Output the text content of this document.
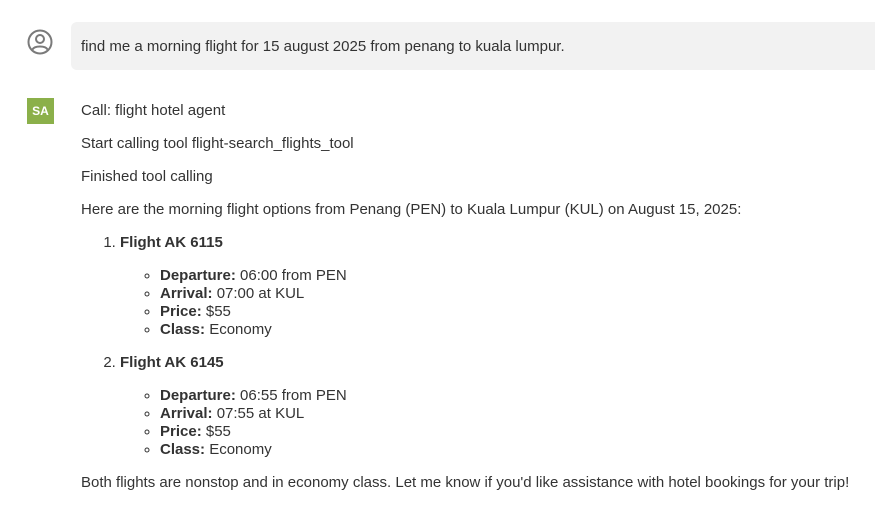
find me a morning flight for 15 august 2025 from penang to kuala lumpur.
SA	Call: flight hotel agent

Start calling tool flight-search_flights_tool

Finished tool calling

Here are the morning flight options from Penang (PEN) to Kuala Lumpur (KUL) on August 15, 2025:

1. Flight AK 6115
◦ Departure: 06:00 from PEN
◦ Arrival: 07:00 at KUL
◦ Price: $55
◦ Class: Economy
2. Flight AK 6145
◦ Departure: 06:55 from PEN
◦ Arrival: 07:55 at KUL
◦ Price: $55
◦ Class: Economy

Both flights are nonstop and in economy class. Let me know if you'd like assistance with hotel bookings for your trip!
